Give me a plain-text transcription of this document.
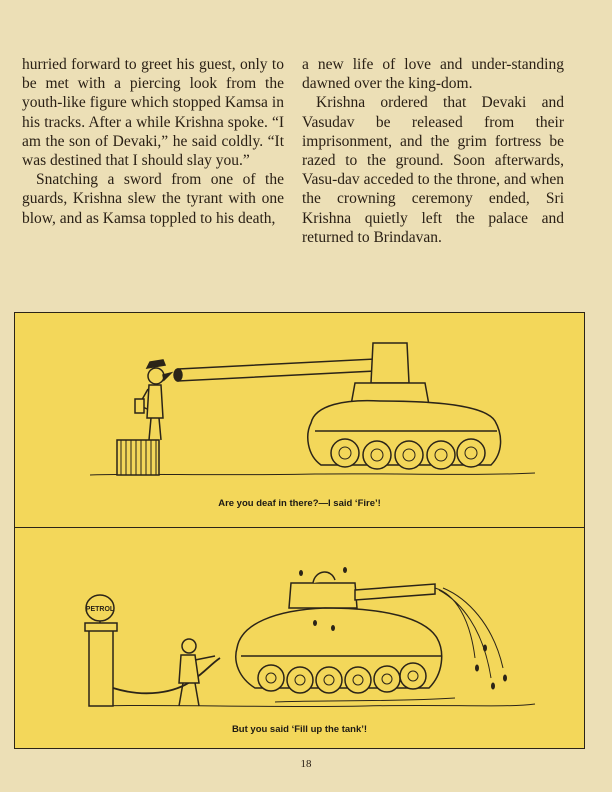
hurried forward to greet his guest, only to be met with a piercing look from the youth-like figure which stopped Kamsa in his tracks. After a while Krishna spoke. “I am the son of Devaki,” he said coldly. “It was destined that I should slay you.”

Snatching a sword from one of the guards, Krishna slew the tyrant with one blow, and as Kamsa toppled to his death,

a new life of love and under-standing dawned over the king-dom.

Krishna ordered that Devaki and Vasudav be released from their imprisonment, and the grim fortress be razed to the ground. Soon afterwards, Vasu-dav acceded to the throne, and when the crowning ceremony ended, Sri Krishna quietly left the palace and returned to Brindavan.

Are you deaf in there?—I said ‘Fire’!
PETROL
But you said ‘Fill up the tank’!
18
